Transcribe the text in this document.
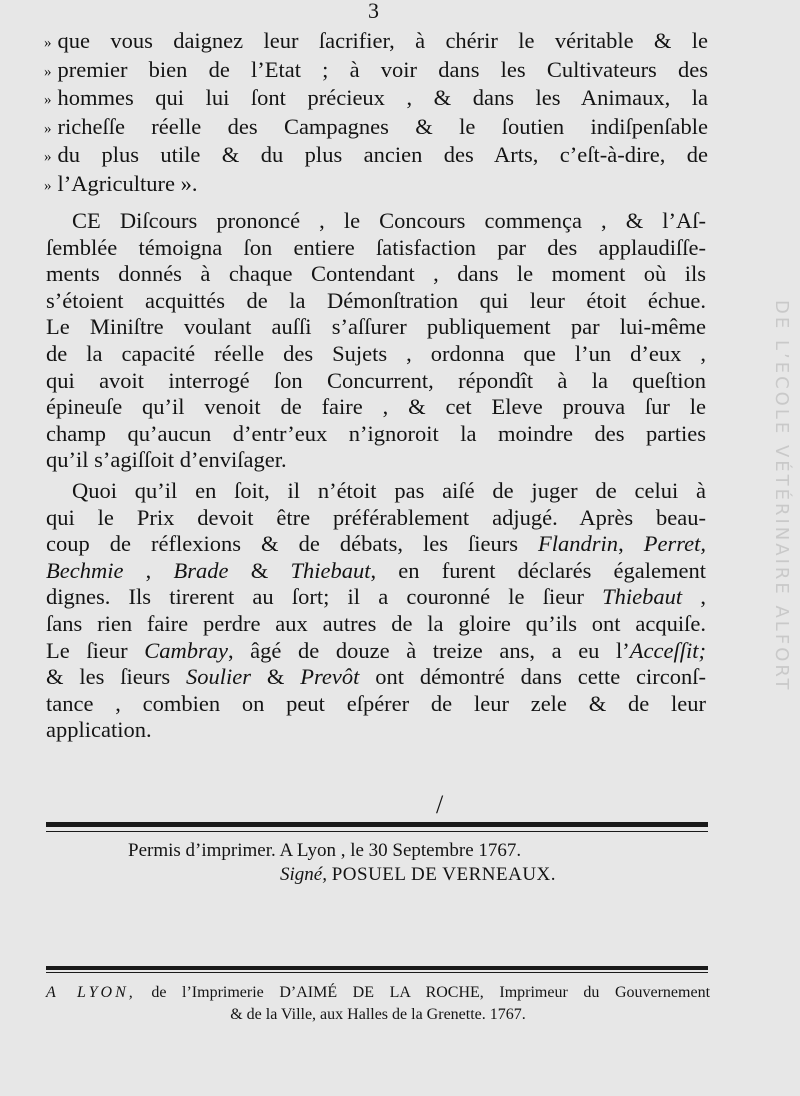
3
» que vous daignez leur ſacrifier, à chérir le véritable & le
» premier bien de l’Etat ; à voir dans les Cultivateurs des
» hommes qui lui ſont précieux , & dans les Animaux, la
» richeſſe réelle des Campagnes & le ſoutien indiſpenſable
» du plus utile & du plus ancien des Arts, c’eſt-à-dire, de
» l’Agriculture ».
CE Diſcours prononcé , le Concours commença , & l’Aſ-
ſemblée témoigna ſon entiere ſatisfaction par des applaudiſſe-
ments donnés à chaque Contendant , dans le moment où ils
s’étoient acquittés de la Démonſtration qui leur étoit échue.
Le Miniſtre voulant auſſi s’aſſurer publiquement par lui-même
de la capacité réelle des Sujets , ordonna que l’un d’eux ,
qui avoit interrogé ſon Concurrent, répondît à la queſtion
épineuſe qu’il venoit de faire , & cet Eleve prouva ſur le
champ qu’aucun d’entr’eux n’ignoroit la moindre des parties
qu’il s’agiſſoit d’enviſager.
Quoi qu’il en ſoit, il n’étoit pas aiſé de juger de celui à
qui le Prix devoit être préférablement adjugé. Après beau-
coup de réflexions & de débats, les ſieurs Flandrin, Perret,
Bechmie , Brade & Thiebaut, en furent déclarés également
dignes. Ils tirerent au ſort; il a couronné le ſieur Thiebaut ,
ſans rien faire perdre aux autres de la gloire qu’ils ont acquiſe.
Le ſieur Cambray, âgé de douze à treize ans, a eu l’Acceſſit;
& les ſieurs Soulier & Prevôt ont démontré dans cette circonſ-
tance , combien on peut eſpérer de leur zele & de leur
application.
/
Permis d’imprimer. A Lyon , le 30 Septembre 1767.
Signé, POSUEL DE VERNEAUX.
A LYON, de l’Imprimerie D’AIMÉ DE LA ROCHE, Imprimeur du Gouvernement
& de la Ville, aux Halles de la Grenette. 1767.
DE L’ECOLE VÉTÉRINAIRE ALFORT
